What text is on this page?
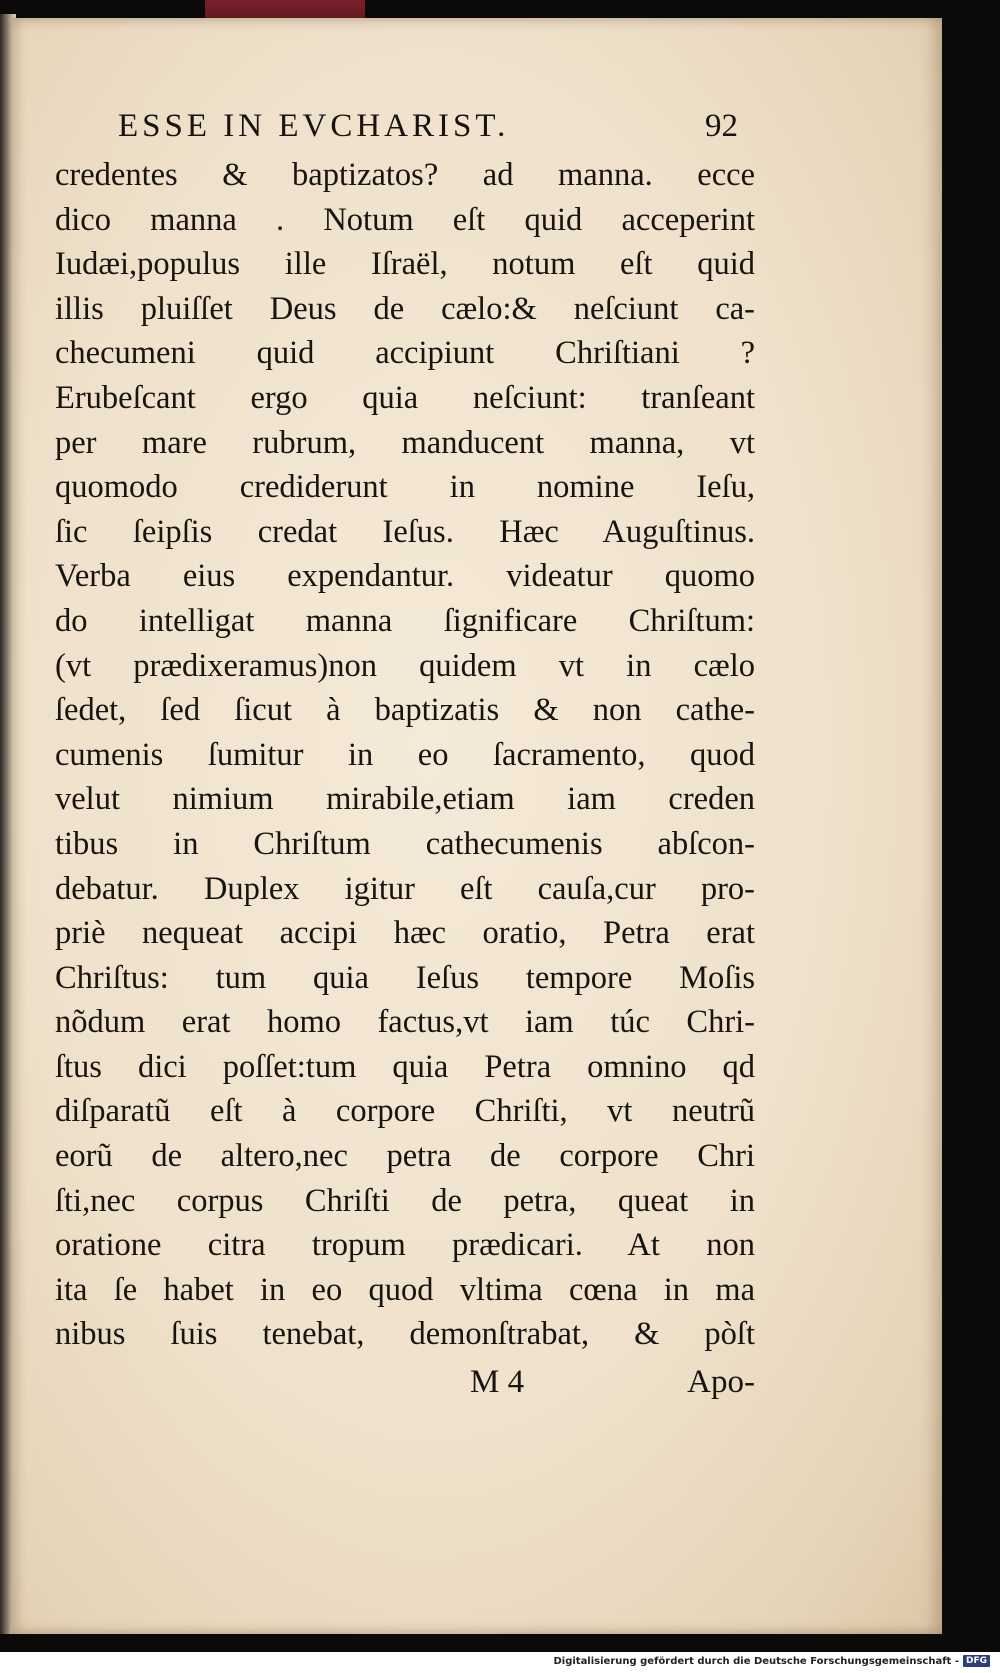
ESSE IN EVCHARIST.	92
credentes & baptizatos? ad manna. ecce
dico manna . Notum eſt quid acceperint
Iudæi,populus ille Iſraël, notum eſt quid
illis pluiſſet Deus de cælo:& neſciunt ca-
checumeni quid accipiunt Chriſtiani ?
Erubeſcant ergo quia neſciunt: tranſeant
per mare rubrum, manducent manna, vt
quomodo crediderunt in nomine Ieſu,
ſic ſeipſis credat Ieſus. Hæc Auguſtinus.
Verba eius expendantur. videatur quomo
do intelligat manna ſignificare Chriſtum:
(vt prædixeramus)non quidem vt in cælo
ſedet, ſed ſicut à baptizatis & non cathe-
cumenis ſumitur in eo ſacramento, quod
velut nimium mirabile,etiam iam creden
tibus in Chriſtum cathecumenis abſcon-
debatur. Duplex igitur eſt cauſa,cur pro-
priè nequeat accipi hæc oratio, Petra erat
Chriſtus: tum quia Ieſus tempore Moſis
nõdum erat homo factus,vt iam túc Chri-
ſtus dici poſſet:tum quia Petra omnino qd
diſparatũ eſt à corpore Chriſti, vt neutrũ
eorũ de altero,nec petra de corpore Chri
ſti,nec corpus Chriſti de petra, queat in
oratione citra tropum prædicari. At non
ita ſe habet in eo quod vltima cœna in ma
nibus ſuis tenebat, demonſtrabat, & pòſt
M 4	Apo-
Digitalisierung gefördert durch die Deutsche Forschungsgemeinschaft - DFG
